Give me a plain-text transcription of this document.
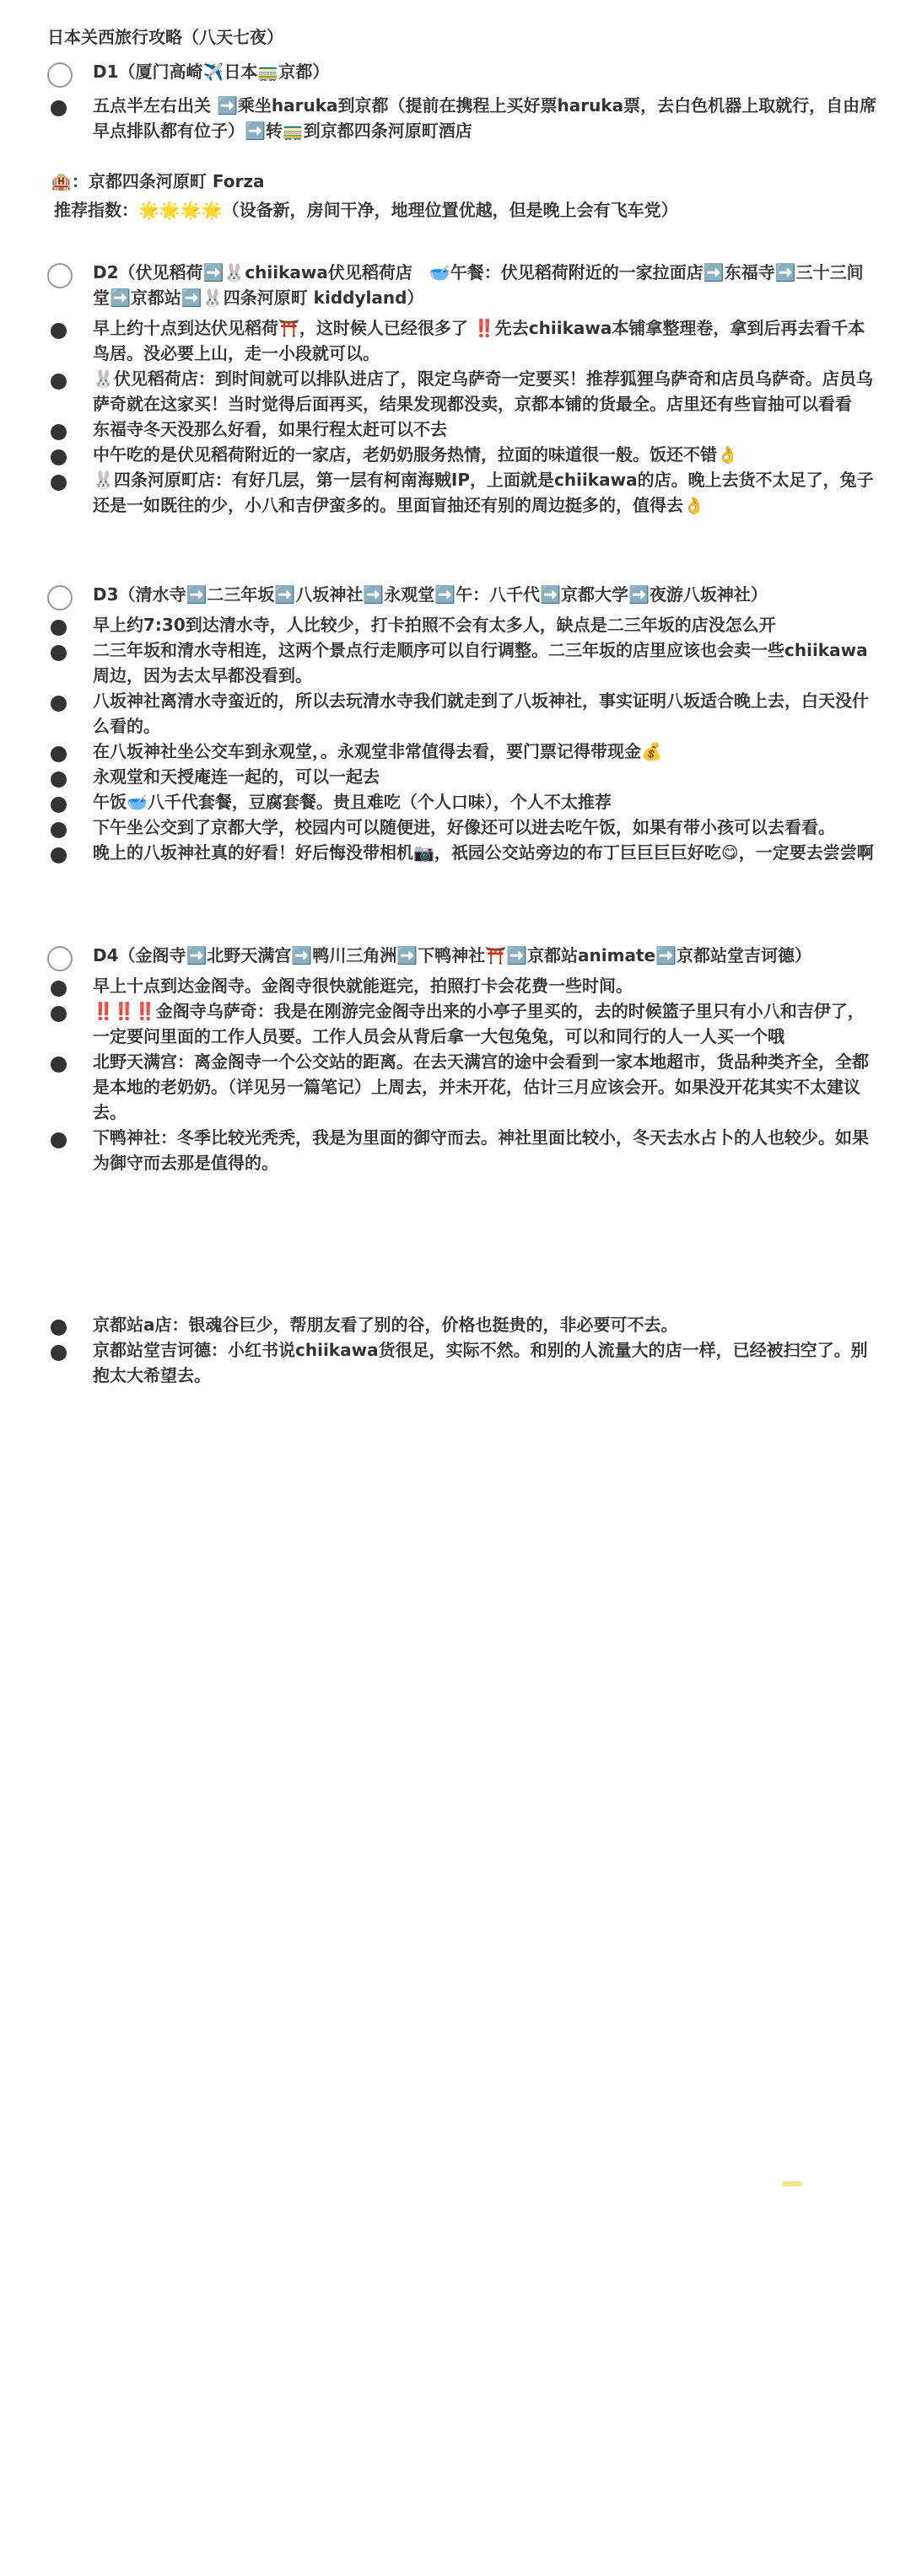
日本关西旅行攻略（八天七夜）
D1（厦门高崎✈️日本🚃京都）
五点半左右出关 ➡️乘坐haruka到京都（提前在携程上买好票haruka票，去白色机器上取就行，自由席早点排队都有位子）➡️转🚃到京都四条河原町酒店
🏨：京都四条河原町 Forza
推荐指数：🌟🌟🌟🌟（设备新，房间干净，地理位置优越，但是晚上会有飞车党）
D2（伏见稻荷➡️🐰chiikawa伏见稻荷店　🥣午餐：伏见稻荷附近的一家拉面店➡️东福寺➡️三十三间堂➡️京都站➡️🐰四条河原町 kiddyland）
早上约十点到达伏见稻荷⛩️，这时候人已经很多了 ‼️先去chiikawa本铺拿整理卷，拿到后再去看千本鸟居。没必要上山，走一小段就可以。
🐰伏见稻荷店：到时间就可以排队进店了，限定乌萨奇一定要买！推荐狐狸乌萨奇和店员乌萨奇。店员乌萨奇就在这家买！当时觉得后面再买，结果发现都没卖，京都本铺的货最全。店里还有些盲抽可以看看
东福寺冬天没那么好看，如果行程太赶可以不去
中午吃的是伏见稻荷附近的一家店，老奶奶服务热情，拉面的味道很一般。饭还不错👌
🐰四条河原町店：有好几层，第一层有柯南海贼IP，上面就是chiikawa的店。晚上去货不太足了，兔子还是一如既往的少，小八和吉伊蛮多的。里面盲抽还有别的周边挺多的，值得去👌
D3（清水寺➡️二三年坂➡️八坂神社➡️永观堂➡️午：八千代➡️京都大学➡️夜游八坂神社）
早上约7:30到达清水寺，人比较少，打卡拍照不会有太多人，缺点是二三年坂的店没怎么开
二三年坂和清水寺相连，这两个景点行走顺序可以自行调整。二三年坂的店里应该也会卖一些chiikawa周边，因为去太早都没看到。
八坂神社离清水寺蛮近的，所以去玩清水寺我们就走到了八坂神社，事实证明八坂适合晚上去，白天没什么看的。
在八坂神社坐公交车到永观堂，。永观堂非常值得去看，要门票记得带现金💰
永观堂和天授庵连一起的，可以一起去
午饭🥣八千代套餐，豆腐套餐。贵且难吃（个人口味），个人不太推荐
下午坐公交到了京都大学，校园内可以随便进，好像还可以进去吃午饭，如果有带小孩可以去看看。
晚上的八坂神社真的好看！好后悔没带相机📷，祇园公交站旁边的布丁巨巨巨巨好吃😋，一定要去尝尝啊
D4（金阁寺➡️北野天满宫➡️鸭川三角洲➡️下鸭神社⛩️➡️京都站animate➡️京都站堂吉诃德）
早上十点到达金阁寺。金阁寺很快就能逛完，拍照打卡会花费一些时间。
‼️‼️‼️金阁寺乌萨奇：我是在刚游完金阁寺出来的小亭子里买的，去的时候篮子里只有小八和吉伊了，一定要问里面的工作人员要。工作人员会从背后拿一大包兔兔，可以和同行的人一人买一个哦
北野天满宫：离金阁寺一个公交站的距离。在去天满宫的途中会看到一家本地超市，货品种类齐全，全都是本地的老奶奶。（详见另一篇笔记）上周去，并未开花，估计三月应该会开。如果没开花其实不太建议去。
下鸭神社：冬季比较光秃秃，我是为里面的御守而去。神社里面比较小，冬天去水占卜的人也较少。如果为御守而去那是值得的。
京都站a店：银魂谷巨少，帮朋友看了别的谷，价格也挺贵的，非必要可不去。
京都站堂吉诃德：小红书说chiikawa货很足，实际不然。和别的人流量大的店一样，已经被扫空了。别抱太大希望去。
